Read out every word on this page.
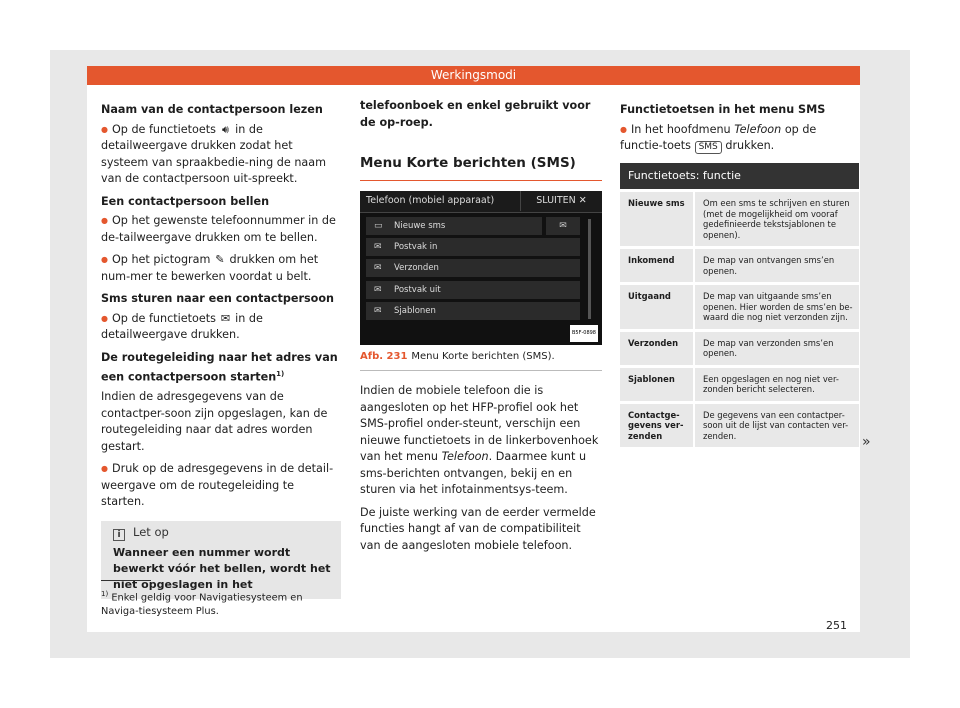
Werkingsmodi

Naam van de contactpersoon lezen

● Op de functietoets 🔊︎ in de detailweergave drukken zodat het systeem van spraakbedie-ning de naam van de contactpersoon uit-spreekt.

Een contactpersoon bellen

● Op het gewenste telefoonnummer in de de-tailweergave drukken om te bellen.

● Op het pictogram ✎ drukken om het num-mer te bewerken voordat u belt.

Sms sturen naar een contactpersoon

● Op de functietoets ✉ in de detailweergave drukken.

De routegeleiding naar het adres van een contactpersoon starten$^{1)}$

Indien de adresgegevens van de contactper-soon zijn opgeslagen, kan de routegeleiding naar dat adres worden gestart.

● Druk op de adresgegevens in de detail-weergave om de routegeleiding te starten.

i Let op
Wanneer een nummer wordt bewerkt vóór het bellen, wordt het niet opgeslagen in het

telefoonboek en enkel gebruikt voor de op-roep.

Menu Korte berichten (SMS)
Telefoon (mobiel apparaat)	SLUITEN ✕
▭ Nieuwe sms	✉
✉ Postvak in
✉ Verzonden
✉ Postvak uit
✉ Sjablonen
B5F-0898
Afb. 231 Menu Korte berichten (SMS).

Indien de mobiele telefoon die is aangesloten op het HFP-profiel ook het SMS-profiel onder-steunt, verschijn een nieuwe functietoets in de linkerbovenhoek van het menu Telefoon. Daarmee kunt u sms-berichten ontvangen, bekij en en sturen via het infotainmentsys-teem.

De juiste werking van de eerder vermelde functies hangt af van de compatibiliteit van de aangesloten mobiele telefoon.

Functietoetsen in het menu SMS

● In het hoofdmenu Telefoon op de functie-toets SMS drukken.

Functietoets: functie	
Nieuwe sms	Om een sms te schrijven en sturen (met de mogelijkheid om vooraf gedefinieerde tekstsjablonen te openen).
Inkomend	De map van ontvangen sms’en openen.
Uitgaand	De map van uitgaande sms’en openen. Hier worden de sms’en be-waard die nog niet verzonden zijn.
Verzonden	De map van verzonden sms’en openen.
Sjablonen	Een opgeslagen en nog niet ver-zonden bericht selecteren.
Contactge-gevens ver-zenden	De gegevens van een contactper-soon uit de lijst van contacten ver-zenden.	»
$^{1)}$ Enkel geldig voor Navigatiesysteem en Naviga-tiesysteem Plus.
251
